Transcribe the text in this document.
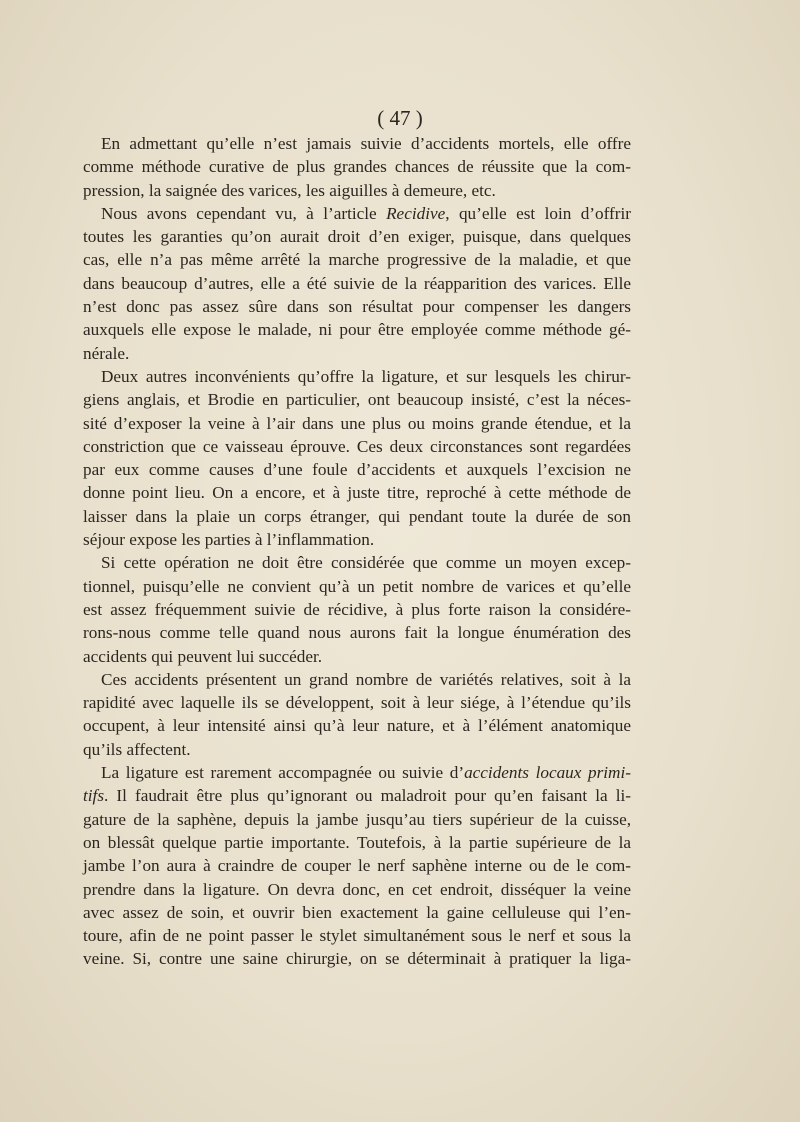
( 47 )

En admettant qu’elle n’est jamais suivie d’accidents mortels, elle offre
comme méthode curative de plus grandes chances de réussite que la com-
pression, la saignée des varices, les aiguilles à demeure, etc.

Nous avons cependant vu, à l’article Recidive, qu’elle est loin d’offrir
toutes les garanties qu’on aurait droit d’en exiger, puisque, dans quelques
cas, elle n’a pas même arrêté la marche progressive de la maladie, et que
dans beaucoup d’autres, elle a été suivie de la réapparition des varices. Elle
n’est donc pas assez sûre dans son résultat pour compenser les dangers
auxquels elle expose le malade, ni pour être employée comme méthode gé-
nérale.

Deux autres inconvénients qu’offre la ligature, et sur lesquels les chirur-
giens anglais, et Brodie en particulier, ont beaucoup insisté, c’est la néces-
sité d’exposer la veine à l’air dans une plus ou moins grande étendue, et la
constriction que ce vaisseau éprouve. Ces deux circonstances sont regardées
par eux comme causes d’une foule d’accidents et auxquels l’excision ne
donne point lieu. On a encore, et à juste titre, reproché à cette méthode de
laisser dans la plaie un corps étranger, qui pendant toute la durée de son
séjour expose les parties à l’inflammation.

Si cette opération ne doit être considérée que comme un moyen excep-
tionnel, puisqu’elle ne convient qu’à un petit nombre de varices et qu’elle
est assez fréquemment suivie de récidive, à plus forte raison la considére-
rons-nous comme telle quand nous aurons fait la longue énumération des
accidents qui peuvent lui succéder.

Ces accidents présentent un grand nombre de variétés relatives, soit à la
rapidité avec laquelle ils se développent, soit à leur siége, à l’étendue qu’ils
occupent, à leur intensité ainsi qu’à leur nature, et à l’élément anatomique
qu’ils affectent.

La ligature est rarement accompagnée ou suivie d’accidents locaux primi-
tifs. Il faudrait être plus qu’ignorant ou maladroit pour qu’en faisant la li-
gature de la saphène, depuis la jambe jusqu’au tiers supérieur de la cuisse,
on blessât quelque partie importante. Toutefois, à la partie supérieure de la
jambe l’on aura à craindre de couper le nerf saphène interne ou de le com-
prendre dans la ligature. On devra donc, en cet endroit, disséquer la veine
avec assez de soin, et ouvrir bien exactement la gaine celluleuse qui l’en-
toure, afin de ne point passer le stylet simultanément sous le nerf et sous la
veine. Si, contre une saine chirurgie, on se déterminait à pratiquer la liga-
